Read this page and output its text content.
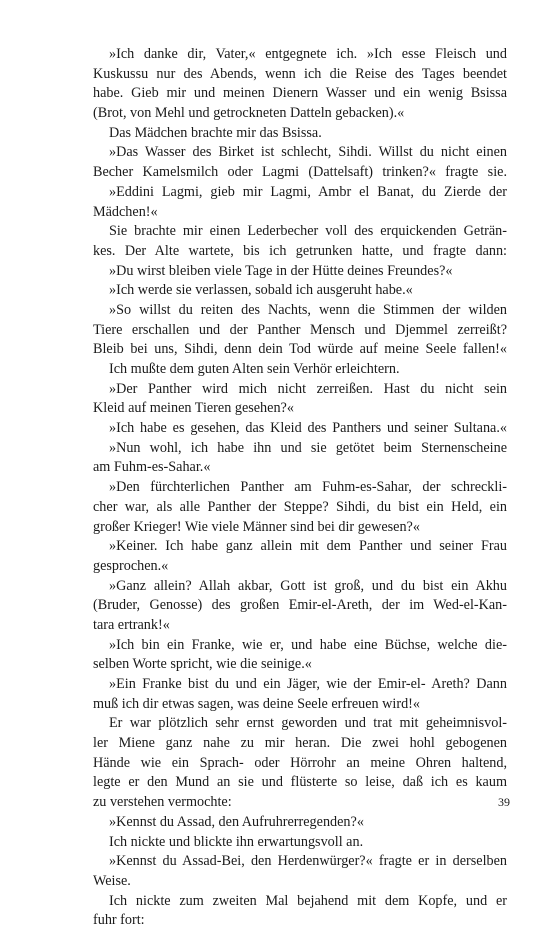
»Ich danke dir, Vater,« entgegnete ich. »Ich esse Fleisch und
Kuskussu nur des Abends, wenn ich die Reise des Tages beendet
habe. Gieb mir und meinen Dienern Wasser und ein wenig Bsissa
(Brot, von Mehl und getrockneten Datteln gebacken).«
Das Mädchen brachte mir das Bsissa.
»Das Wasser des Birket ist schlecht, Sihdi. Willst du nicht einen
Becher Kamelsmilch oder Lagmi (Dattelsaft) trinken?« fragte sie.
»Eddini Lagmi, gieb mir Lagmi, Ambr el Banat, du Zierde der
Mädchen!«
Sie brachte mir einen Lederbecher voll des erquickenden Geträn-
kes. Der Alte wartete, bis ich getrunken hatte, und fragte dann:
»Du wirst bleiben viele Tage in der Hütte deines Freundes?«
»Ich werde sie verlassen, sobald ich ausgeruht habe.«
»So willst du reiten des Nachts, wenn die Stimmen der wilden
Tiere erschallen und der Panther Mensch und Djemmel zerreißt?
Bleib bei uns, Sihdi, denn dein Tod würde auf meine Seele fallen!«
Ich mußte dem guten Alten sein Verhör erleichtern.
»Der Panther wird mich nicht zerreißen. Hast du nicht sein
Kleid auf meinen Tieren gesehen?«
»Ich habe es gesehen, das Kleid des Panthers und seiner Sultana.«
»Nun wohl, ich habe ihn und sie getötet beim Sternenscheine
am Fuhm-es-Sahar.«
»Den fürchterlichen Panther am Fuhm-es-Sahar, der schreckli-
cher war, als alle Panther der Steppe? Sihdi, du bist ein Held, ein
großer Krieger! Wie viele Männer sind bei dir gewesen?«
»Keiner. Ich habe ganz allein mit dem Panther und seiner Frau
gesprochen.«
»Ganz allein? Allah akbar, Gott ist groß, und du bist ein Akhu
(Bruder, Genosse) des großen Emir-el-Areth, der im Wed-el-Kan-
tara ertrank!«
»Ich bin ein Franke, wie er, und habe eine Büchse, welche die-
selben Worte spricht, wie die seinige.«
»Ein Franke bist du und ein Jäger, wie der Emir-el- Areth? Dann
muß ich dir etwas sagen, was deine Seele erfreuen wird!«
Er war plötzlich sehr ernst geworden und trat mit geheimnisvol-
ler Miene ganz nahe zu mir heran. Die zwei hohl gebogenen
Hände wie ein Sprach- oder Hörrohr an meine Ohren haltend,
legte er den Mund an sie und flüsterte so leise, daß ich es kaum
zu verstehen vermochte:
»Kennst du Assad, den Aufruhrerregenden?«
Ich nickte und blickte ihn erwartungsvoll an.
»Kennst du Assad-Bei, den Herdenwürger?« fragte er in derselben
Weise.
Ich nickte zum zweiten Mal bejahend mit dem Kopfe, und er
fuhr fort:
39
